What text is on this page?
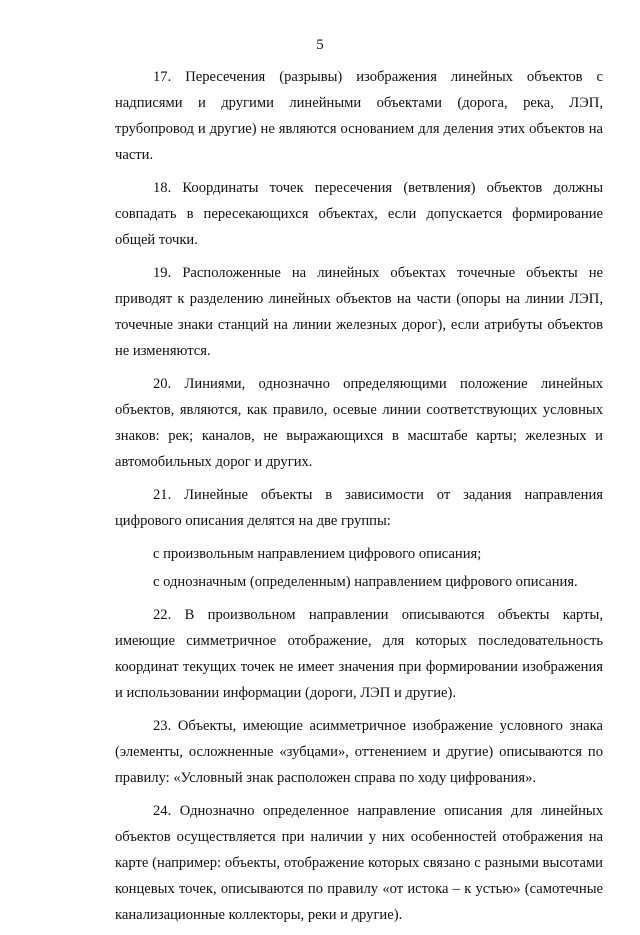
5

17. Пересечения (разрывы) изображения линейных объектов с надписями и другими линейными объектами (дорога, река, ЛЭП, трубопровод и другие) не являются основанием для деления этих объектов на части.

18. Координаты точек пересечения (ветвления) объектов должны совпадать в пересекающихся объектах, если допускается формирование общей точки.

19. Расположенные на линейных объектах точечные объекты не приводят к разделению линейных объектов на части (опоры на линии ЛЭП, точечные знаки станций на линии железных дорог), если атрибуты объектов не изменяются.

20. Линиями, однозначно определяющими положение линейных объектов, являются, как правило, осевые линии соответствующих условных знаков: рек; каналов, не выражающихся в масштабе карты; железных и автомобильных дорог и других.

21. Линейные объекты в зависимости от задания направления цифрового описания делятся на две группы:

с произвольным направлением цифрового описания;

с однозначным (определенным) направлением цифрового описания.

22. В произвольном направлении описываются объекты карты, имеющие симметричное отображение, для которых последовательность координат текущих точек не имеет значения при формировании изображения и использовании информации (дороги, ЛЭП и другие).

23. Объекты, имеющие асимметричное изображение условного знака (элементы, осложненные «зубцами», оттенением и другие) описываются по правилу: «Условный знак расположен справа по ходу цифрования».

24. Однозначно определенное направление описания для линейных объектов осуществляется при наличии у них особенностей отображения на карте (например: объекты, отображение которых связано с разными высотами концевых точек, описываются по правилу «от истока – к устью» (самотечные канализационные коллекторы, реки и другие).
